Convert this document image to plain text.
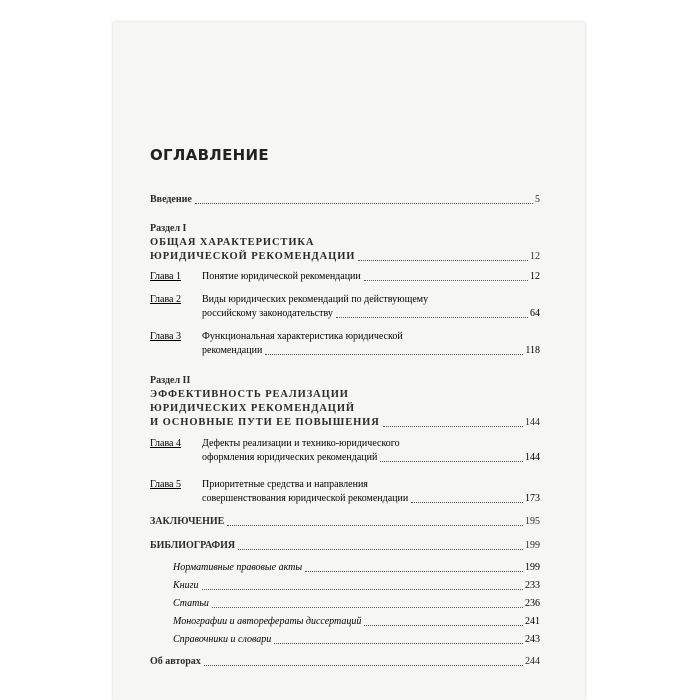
ОГЛАВЛЕНИЕ
Введение	5
Раздел I
ОБЩАЯ ХАРАКТЕРИСТИКА
ЮРИДИЧЕСКОЙ РЕКОМЕНДАЦИИ	12
Глава 1 Понятие юридической рекомендации	12
Глава 2 Виды юридических рекомендаций по действующему
российскому законодательству	64
Глава 3 Функциональная характеристика юридической
рекомендации	118
Раздел II
ЭФФЕКТИВНОСТЬ РЕАЛИЗАЦИИ
ЮРИДИЧЕСКИХ РЕКОМЕНДАЦИЙ
И ОСНОВНЫЕ ПУТИ ЕЕ ПОВЫШЕНИЯ	144
Глава 4 Дефекты реализации и технико-юридического
оформления юридических рекомендаций	144
Глава 5 Приоритетные средства и направления
совершенствования юридической рекомендации	173
ЗАКЛЮЧЕНИЕ	195
БИБЛИОГРАФИЯ	199
Нормативные правовые акты	199
Книги	233
Статьи	236
Монографии и авторефераты диссертаций	241
Справочники и словари	243
Об авторах	244
